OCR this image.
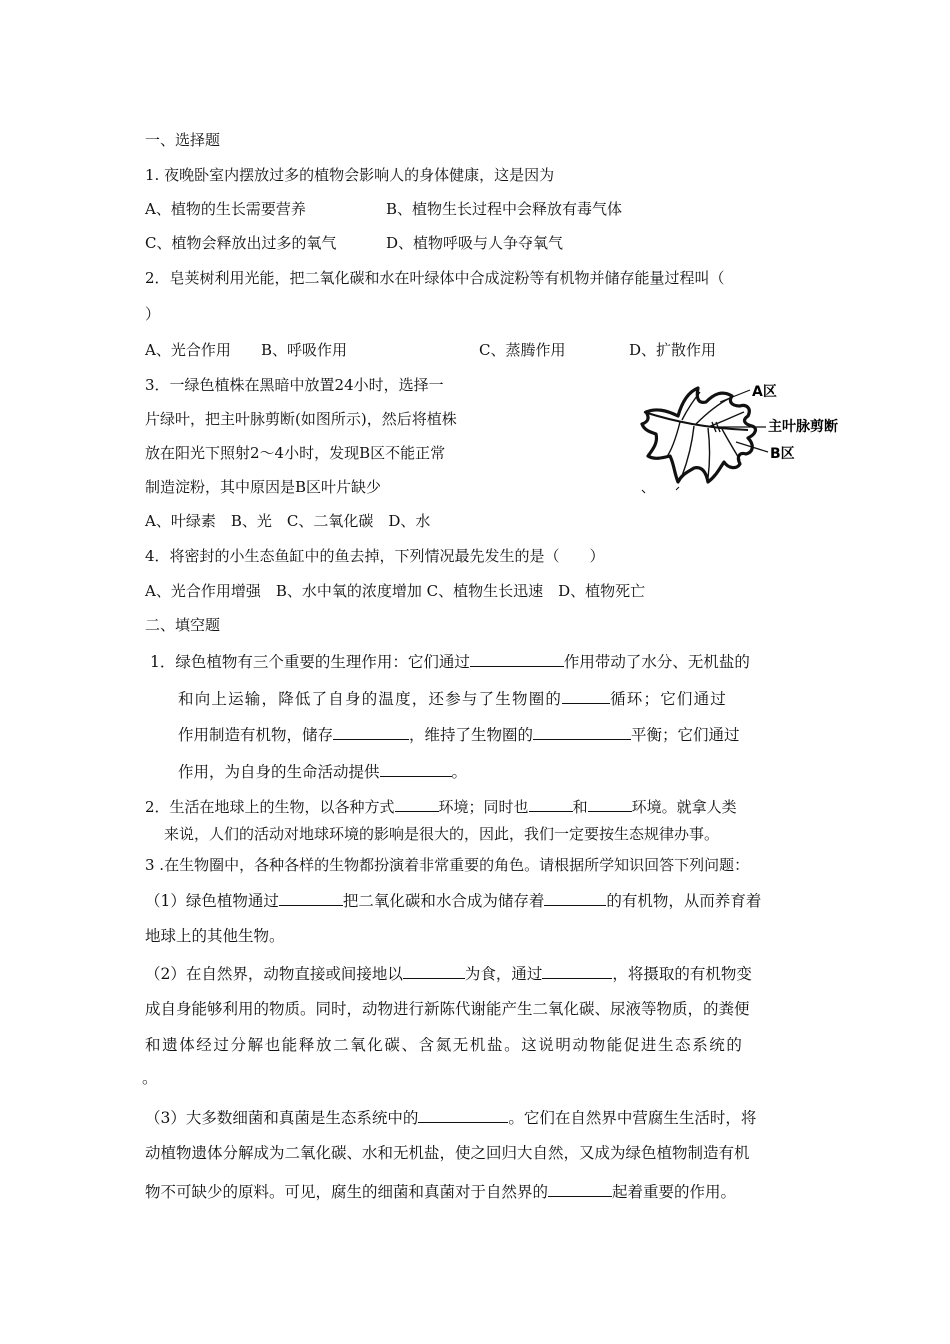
一、选择题
1. 夜晚卧室内摆放过多的植物会影响人的身体健康，这是因为
A、植物的生长需要营养	B、植物生长过程中会释放有毒气体
C、植物会释放出过多的氧气	D、植物呼吸与人争夺氧气
2．皂荚树利用光能，把二氧化碳和水在叶绿体中合成淀粉等有机物并储存能量过程叫（
）
A、光合作用 B、呼吸作用	C、蒸腾作用	D、扩散作用
3．一绿色植株在黑暗中放置24小时，选择一
片绿叶，把主叶脉剪断(如图所示)，然后将植株
放在阳光下照射2～4小时，发现B区不能正常
制造淀粉，其中原因是B区叶片缺少
A、叶绿素　B、光　C、二氧化碳　D、水
A区
主叶脉剪断
B区
4．将密封的小生态鱼缸中的鱼去掉，下列情况最先发生的是（　　）
A、光合作用增强　B、水中氧的浓度增加 C、植物生长迅速　D、植物死亡
二、填空题
1．绿色植物有三个重要的生理作用：它们通过	作用带动了水分、无机盐的
和向上运输，降低了自身的温度，还参与了生物圈的	循环；它们通过
作用制造有机物，储存	，维持了生物圈的	平衡；它们通过
作用，为自身的生命活动提供	。
2．生活在地球上的生物，以各种方式	环境；同时也	和	环境。就拿人类
来说，人们的活动对地球环境的影响是很大的，因此，我们一定要按生态规律办事。
3 .在生物圈中，各种各样的生物都扮演着非常重要的角色。请根据所学知识回答下列问题：
（1）绿色植物通过	把二氧化碳和水合成为储存着	的有机物，从而养育着
地球上的其他生物。
（2）在自然界，动物直接或间接地以	为食，通过	，将摄取的有机物变
成自身能够利用的物质。同时，动物进行新陈代谢能产生二氧化碳、尿液等物质，的粪便
和遗体经过分解也能释放二氧化碳、含氮无机盐。这说明动物能促进生态系统的
。
（3）大多数细菌和真菌是生态系统中的	。它们在自然界中营腐生生活时，将
动植物遗体分解成为二氧化碳、水和无机盐，使之回归大自然，又成为绿色植物制造有机
物不可缺少的原料。可见，腐生的细菌和真菌对于自然界的	起着重要的作用。
